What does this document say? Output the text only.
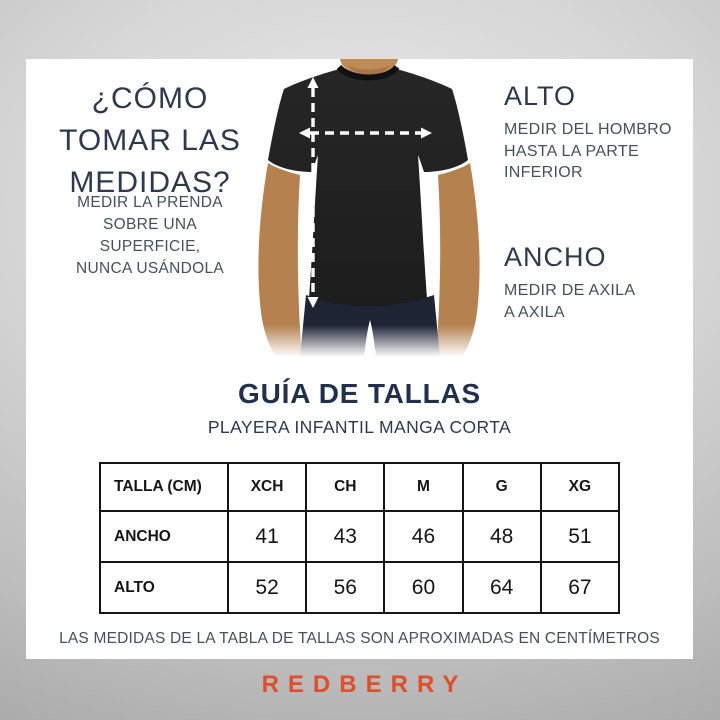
¿CÓMO TOMAR LAS MEDIDAS?
MEDIR LA PRENDA
SOBRE UNA
SUPERFICIE,
NUNCA USÁNDOLA
ALTO
MEDIR DEL HOMBRO
HASTA LA PARTE
INFERIOR
ANCHO
MEDIR DE AXILA
A AXILA
GUÍA DE TALLAS
PLAYERA INFANTIL MANGA CORTA
TALLA (CM)	XCH	CH	M	G	XG
ANCHO	41	43	46	48	51
ALTO	52	56	60	64	67
LAS MEDIDAS DE LA TABLA DE TALLAS SON APROXIMADAS EN CENTÍMETROS
REDBERRY
